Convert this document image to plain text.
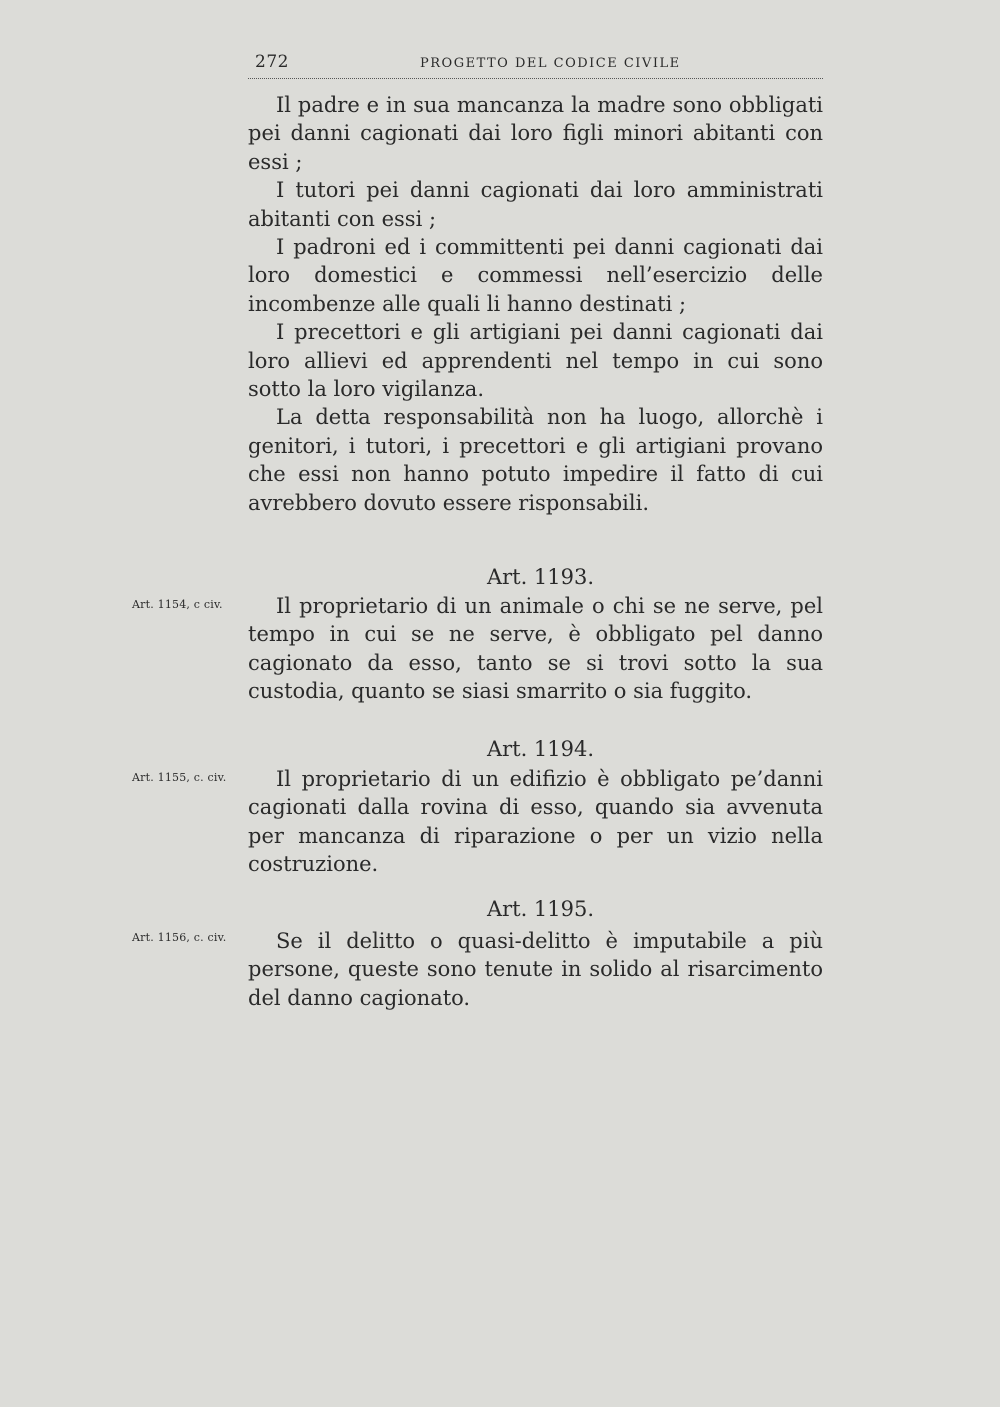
272	PROGETTO DEL CODICE CIVILE

Il padre e in sua mancanza la madre sono obbligati pei danni cagionati dai loro figli minori abitanti con essi ;

I tutori pei danni cagionati dai loro amministrati abitanti con essi ;

I padroni ed i committenti pei danni cagionati dai loro domestici e commessi nell’esercizio delle incombenze alle quali li hanno destinati ;

I precettori e gli artigiani pei danni cagionati dai loro allievi ed apprendenti nel tempo in cui sono sotto la loro vigilanza.

La detta responsabilità non ha luogo, allorchè i genitori, i tutori, i precettori e gli artigiani provano che essi non hanno potuto impedire il fatto di cui avrebbero dovuto essere risponsabili.

Art. 1193.
Art. 1154, c civ.	Il proprietario di un animale o chi se ne serve, pel tempo in cui se ne serve, è obbligato pel danno cagionato da esso, tanto se si trovi sotto la sua custodia, quanto se siasi smarrito o sia fuggito.

Art. 1194.
Art. 1155, c. civ.	Il proprietario di un edifizio è obbligato pe’danni cagionati dalla rovina di esso, quando sia avvenuta per mancanza di riparazione o per un vizio nella costruzione.

Art. 1195.
Art. 1156, c. civ.	Se il delitto o quasi-delitto è imputabile a più persone, queste sono tenute in solido al risarcimento del danno cagionato.
